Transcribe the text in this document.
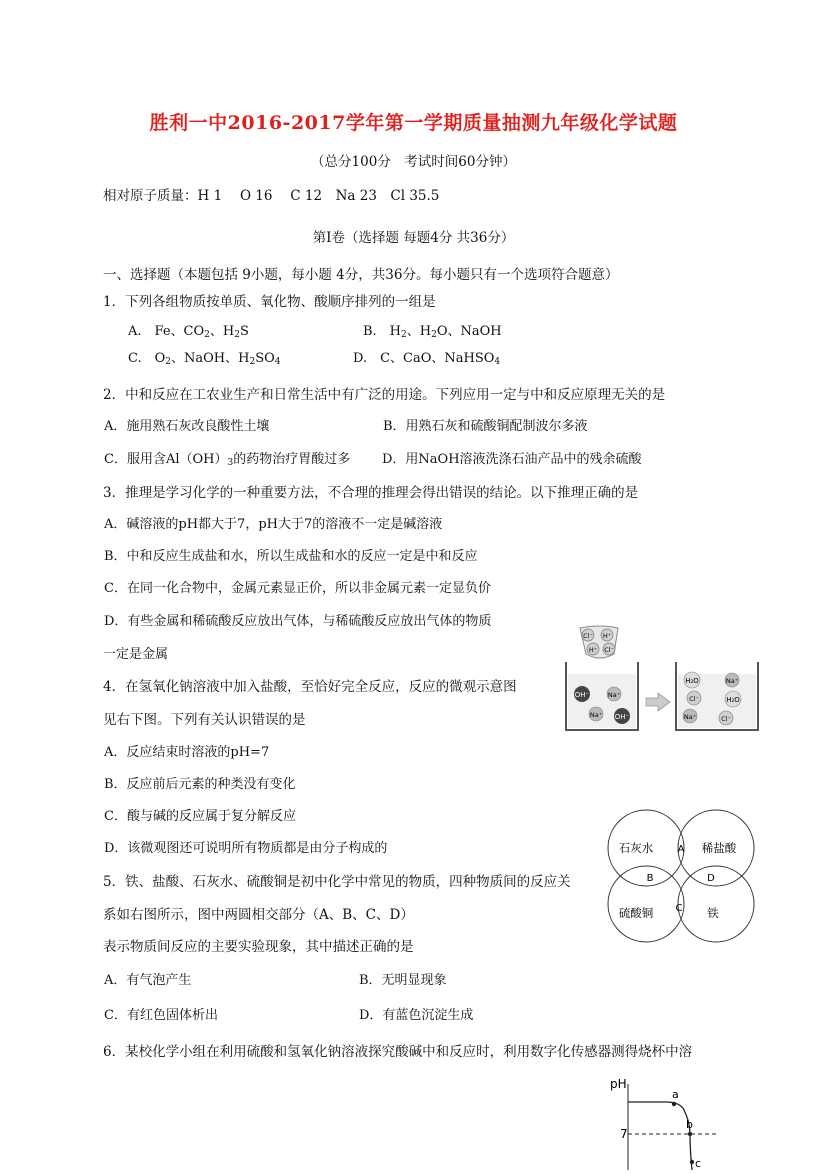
胜利一中2016-2017学年第一学期质量抽测九年级化学试题
（总分100分　考试时间60分钟）
相对原子质量：H 1　 O 16　 C 12　Na 23　Cl 35.5
第Ⅰ卷（选择题 每题4分 共36分）
一、选择题（本题包括 9小题，每小题 4分，共36分。每小题只有一个选项符合题意）
1．下列各组物质按单质、氧化物、酸顺序排列的一组是
A.　Fe、$CO_2$、$H_2S$	B.　$H_2$、$H_2O$、NaOH
C.　$O_2$、NaOH、$H_2SO_4$	D.　C、CaO、NaHSO$_4$
2．中和反应在工农业生产和日常生活中有广泛的用途。下列应用一定与中和反应原理无关的是
A．施用熟石灰改良酸性土壤	B．用熟石灰和硫酸铜配制波尔多液
C．服用含$Al(OH)_3$的药物治疗胃酸过多 D．用NaOH溶液洗涤石油产品中的残余硫酸
3．推理是学习化学的一种重要方法，不合理的推理会得出错误的结论。以下推理正确的是
A．碱溶液的pH都大于7，pH大于7的溶液不一定是碱溶液
B．中和反应生成盐和水，所以生成盐和水的反应一定是中和反应
C．在同一化合物中，金属元素显正价，所以非金属元素一定显负价
D．有些金属和稀硫酸反应放出气体，与稀硫酸反应放出气体的物质
一定是金属
4．在氢氧化钠溶液中加入盐酸，至恰好完全反应，反应的微观示意图
见右下图。下列有关认识错误的是
A．反应结束时溶液的pH=7
B．反应前后元素的种类没有变化
C．酸与碱的反应属于复分解反应
D．该微观图还可说明所有物质都是由分子构成的
Cl⁻ H⁺
H⁺ Cl⁻
OH⁻	Na⁺
Na⁺ OH⁻
H₂O	Na⁺
Cl⁻	H₂O
Na⁺	Cl⁻
5．铁、盐酸、石灰水、硫酸铜是初中化学中常见的物质，四种物质间的反应关
系如右图所示，图中两圆相交部分（A、B、C、D）
表示物质间反应的主要实验现象，其中描述正确的是
A．有气泡产生	B．无明显现象
C．有红色固体析出	D．有蓝色沉淀生成
石灰水	稀盐酸
硫酸铜	铁
A
B
C
D
6．某校化学小组在利用硫酸和氢氧化钠溶液探究酸碱中和反应时，利用数字化传感器测得烧杯中溶
pH
7
a
b
c
